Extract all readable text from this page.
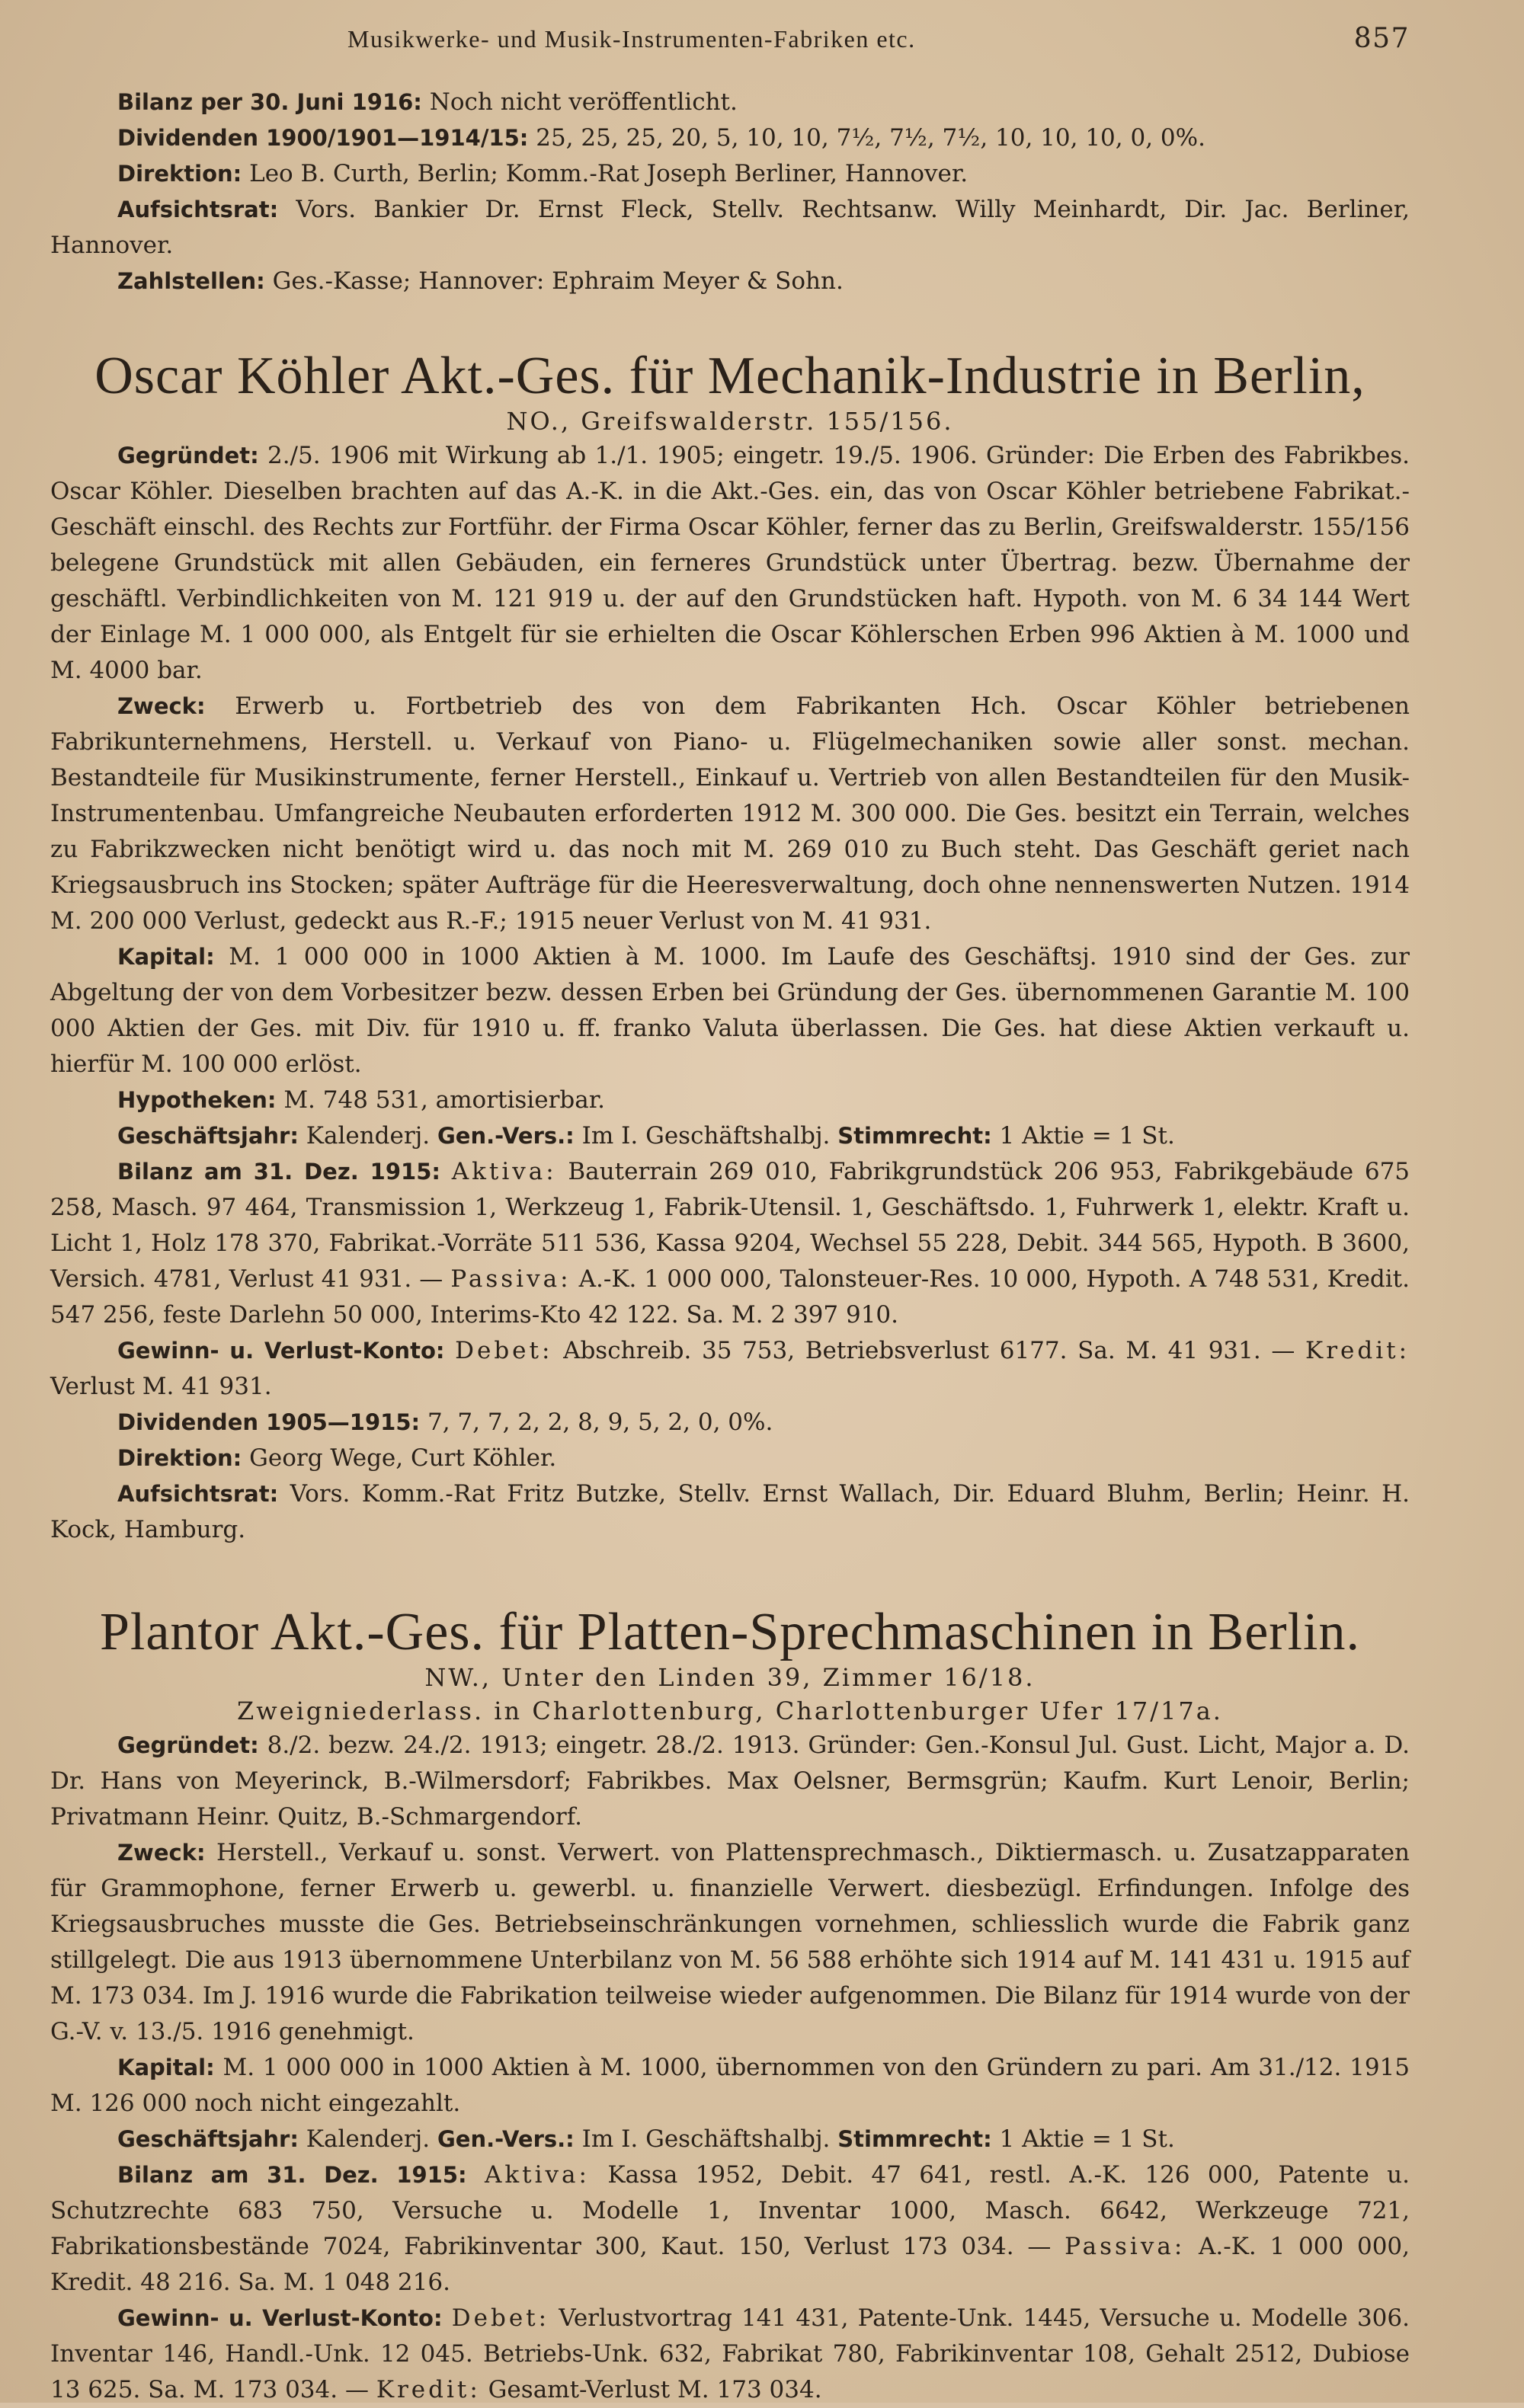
Musikwerke- und Musik-Instrumenten-Fabriken etc.	857

Bilanz per 30. Juni 1916: Noch nicht veröffentlicht.

Dividenden 1900/1901—1914/15: 25, 25, 25, 20, 5, 10, 10, 7½, 7½, 7½, 10, 10, 10, 0, 0%.

Direktion: Leo B. Curth, Berlin; Komm.-Rat Joseph Berliner, Hannover.

Aufsichtsrat: Vors. Bankier Dr. Ernst Fleck, Stellv. Rechtsanw. Willy Meinhardt, Dir. Jac. Berliner, Hannover.

Zahlstellen: Ges.-Kasse; Hannover: Ephraim Meyer & Sohn.

Oscar Köhler Akt.-Ges. für Mechanik-Industrie in Berlin,

NO., Greifswalderstr. 155/156.

Gegründet: 2./5. 1906 mit Wirkung ab 1./1. 1905; eingetr. 19./5. 1906. Gründer: Die Erben des Fabrikbes. Oscar Köhler. Dieselben brachten auf das A.-K. in die Akt.-Ges. ein, das von Oscar Köhler betriebene Fabrikat.-Geschäft einschl. des Rechts zur Fortführ. der Firma Oscar Köhler, ferner das zu Berlin, Greifswalderstr. 155/156 belegene Grundstück mit allen Gebäuden, ein ferneres Grundstück unter Übertrag. bezw. Übernahme der geschäftl. Verbindlichkeiten von M. 121 919 u. der auf den Grundstücken haft. Hypoth. von M. 6 34 144 Wert der Einlage M. 1 000 000, als Entgelt für sie erhielten die Oscar Köhlerschen Erben 996 Aktien à M. 1000 und M. 4000 bar.

Zweck: Erwerb u. Fortbetrieb des von dem Fabrikanten Hch. Oscar Köhler betriebenen Fabrikunternehmens, Herstell. u. Verkauf von Piano- u. Flügelmechaniken sowie aller sonst. mechan. Bestandteile für Musikinstrumente, ferner Herstell., Einkauf u. Vertrieb von allen Bestandteilen für den Musik-Instrumentenbau. Umfangreiche Neubauten erforderten 1912 M. 300 000. Die Ges. besitzt ein Terrain, welches zu Fabrikzwecken nicht benötigt wird u. das noch mit M. 269 010 zu Buch steht. Das Geschäft geriet nach Kriegsausbruch ins Stocken; später Aufträge für die Heeresverwaltung, doch ohne nennenswerten Nutzen. 1914 M. 200 000 Verlust, gedeckt aus R.-F.; 1915 neuer Verlust von M. 41 931.

Kapital: M. 1 000 000 in 1000 Aktien à M. 1000. Im Laufe des Geschäftsj. 1910 sind der Ges. zur Abgeltung der von dem Vorbesitzer bezw. dessen Erben bei Gründung der Ges. übernommenen Garantie M. 100 000 Aktien der Ges. mit Div. für 1910 u. ff. franko Valuta überlassen. Die Ges. hat diese Aktien verkauft u. hierfür M. 100 000 erlöst.

Hypotheken: M. 748 531, amortisierbar.

Geschäftsjahr: Kalenderj. Gen.-Vers.: Im I. Geschäftshalbj. Stimmrecht: 1 Aktie = 1 St.

Bilanz am 31. Dez. 1915: Aktiva: Bauterrain 269 010, Fabrikgrundstück 206 953, Fabrikgebäude 675 258, Masch. 97 464, Transmission 1, Werkzeug 1, Fabrik-Utensil. 1, Geschäftsdo. 1, Fuhrwerk 1, elektr. Kraft u. Licht 1, Holz 178 370, Fabrikat.-Vorräte 511 536, Kassa 9204, Wechsel 55 228, Debit. 344 565, Hypoth. B 3600, Versich. 4781, Verlust 41 931. — Passiva: A.-K. 1 000 000, Talonsteuer-Res. 10 000, Hypoth. A 748 531, Kredit. 547 256, feste Darlehn 50 000, Interims-Kto 42 122. Sa. M. 2 397 910.

Gewinn- u. Verlust-Konto: Debet: Abschreib. 35 753, Betriebsverlust 6177. Sa. M. 41 931. — Kredit: Verlust M. 41 931.

Dividenden 1905—1915: 7, 7, 7, 2, 2, 8, 9, 5, 2, 0, 0%.

Direktion: Georg Wege, Curt Köhler.

Aufsichtsrat: Vors. Komm.-Rat Fritz Butzke, Stellv. Ernst Wallach, Dir. Eduard Bluhm, Berlin; Heinr. H. Kock, Hamburg.

Plantor Akt.-Ges. für Platten-Sprechmaschinen in Berlin.

NW., Unter den Linden 39, Zimmer 16/18.

Zweigniederlass. in Charlottenburg, Charlottenburger Ufer 17/17a.

Gegründet: 8./2. bezw. 24./2. 1913; eingetr. 28./2. 1913. Gründer: Gen.-Konsul Jul. Gust. Licht, Major a. D. Dr. Hans von Meyerinck, B.-Wilmersdorf; Fabrikbes. Max Oelsner, Bermsgrün; Kaufm. Kurt Lenoir, Berlin; Privatmann Heinr. Quitz, B.-Schmargendorf.

Zweck: Herstell., Verkauf u. sonst. Verwert. von Plattensprechmasch., Diktiermasch. u. Zusatzapparaten für Grammophone, ferner Erwerb u. gewerbl. u. finanzielle Verwert. diesbezügl. Erfindungen. Infolge des Kriegsausbruches musste die Ges. Betriebseinschränkungen vornehmen, schliesslich wurde die Fabrik ganz stillgelegt. Die aus 1913 übernommene Unterbilanz von M. 56 588 erhöhte sich 1914 auf M. 141 431 u. 1915 auf M. 173 034. Im J. 1916 wurde die Fabrikation teilweise wieder aufgenommen. Die Bilanz für 1914 wurde von der G.-V. v. 13./5. 1916 genehmigt.

Kapital: M. 1 000 000 in 1000 Aktien à M. 1000, übernommen von den Gründern zu pari. Am 31./12. 1915 M. 126 000 noch nicht eingezahlt.

Geschäftsjahr: Kalenderj. Gen.-Vers.: Im I. Geschäftshalbj. Stimmrecht: 1 Aktie = 1 St.

Bilanz am 31. Dez. 1915: Aktiva: Kassa 1952, Debit. 47 641, restl. A.-K. 126 000, Patente u. Schutzrechte 683 750, Versuche u. Modelle 1, Inventar 1000, Masch. 6642, Werkzeuge 721, Fabrikationsbestände 7024, Fabrikinventar 300, Kaut. 150, Verlust 173 034. — Passiva: A.-K. 1 000 000, Kredit. 48 216. Sa. M. 1 048 216.

Gewinn- u. Verlust-Konto: Debet: Verlustvortrag 141 431, Patente-Unk. 1445, Versuche u. Modelle 306. Inventar 146, Handl.-Unk. 12 045. Betriebs-Unk. 632, Fabrikat 780, Fabrikinventar 108, Gehalt 2512, Dubiose 13 625. Sa. M. 173 034. — Kredit: Gesamt-Verlust M. 173 034.
